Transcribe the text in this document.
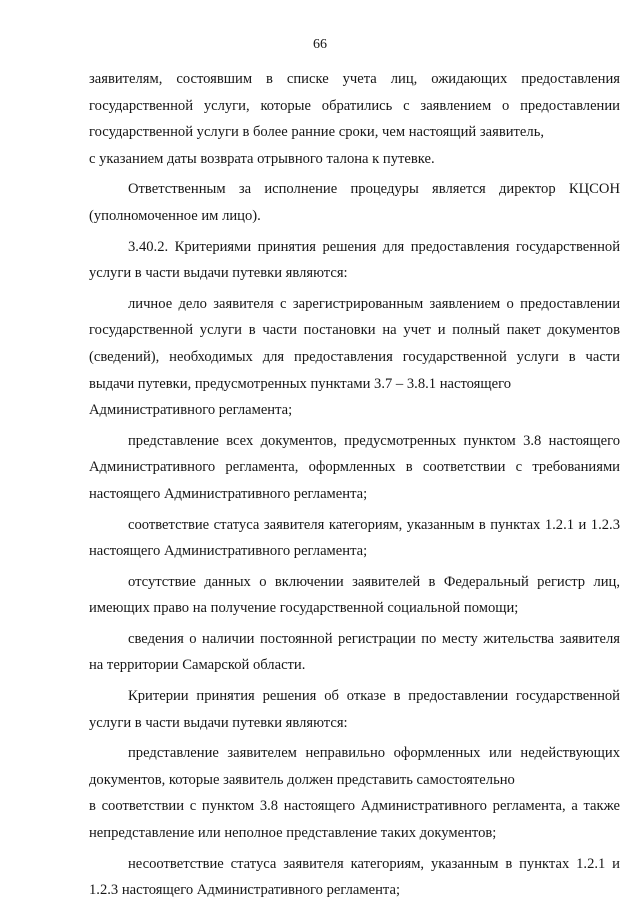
66

заявителям, состоявшим в списке учета лиц, ожидающих предоставления государственной услуги, которые обратились с заявлением о предоставлении государственной услуги в более ранние сроки, чем настоящий заявитель,
с указанием даты возврата отрывного талона к путевке.

Ответственным за исполнение процедуры является директор КЦСОН (уполномоченное им лицо).

3.40.2. Критериями принятия решения для предоставления государственной услуги в части выдачи путевки являются:

личное дело заявителя с зарегистрированным заявлением о предоставлении государственной услуги в части постановки на учет и полный пакет документов (сведений), необходимых для предоставления государственной услуги в части выдачи путевки, предусмотренных пунктами 3.7 – 3.8.1 настоящего
Административного регламента;

представление всех документов, предусмотренных пунктом 3.8 настоящего Административного регламента, оформленных в соответствии с требованиями настоящего Административного регламента;

соответствие статуса заявителя категориям, указанным в пунктах 1.2.1 и 1.2.3 настоящего Административного регламента;

отсутствие данных о включении заявителей в Федеральный регистр лиц, имеющих право на получение государственной социальной помощи;

сведения о наличии постоянной регистрации по месту жительства заявителя на территории Самарской области.

Критерии принятия решения об отказе в предоставлении государственной услуги в части выдачи путевки являются:

представление заявителем неправильно оформленных или недействующих документов, которые заявитель должен представить самостоятельно
в соответствии с пунктом 3.8 настоящего Административного регламента, а также непредставление или неполное представление таких документов;

несоответствие статуса заявителя категориям, указанным в пунктах 1.2.1 и 1.2.3 настоящего Административного регламента;
